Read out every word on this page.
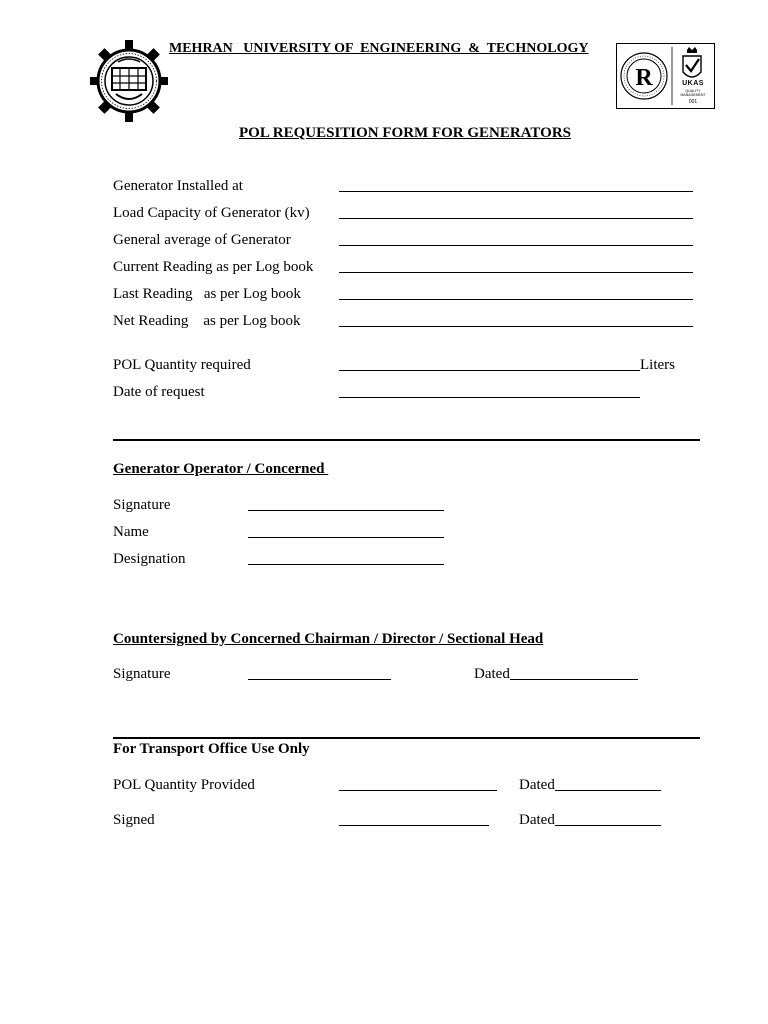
MEHRAN   UNIVERSITY OF  ENGINEERING  &  TECHNOLOGY
R	UKAS
QUALITY MANAGEMENT
001
POL REQUESITION FORM FOR GENERATORS
Generator Installed at
Load Capacity of Generator (kv)
General average of Generator
Current Reading as per Log book
Last Reading   as per Log book
Net Reading    as per Log book
POL Quantity required	Liters
Date of request
Generator Operator / Concerned
Signature
Name
Designation
Countersigned by Concerned Chairman / Director / Sectional Head
Signature	Dated
For Transport Office Use Only
POL Quantity Provided	Dated
Signed	Dated
